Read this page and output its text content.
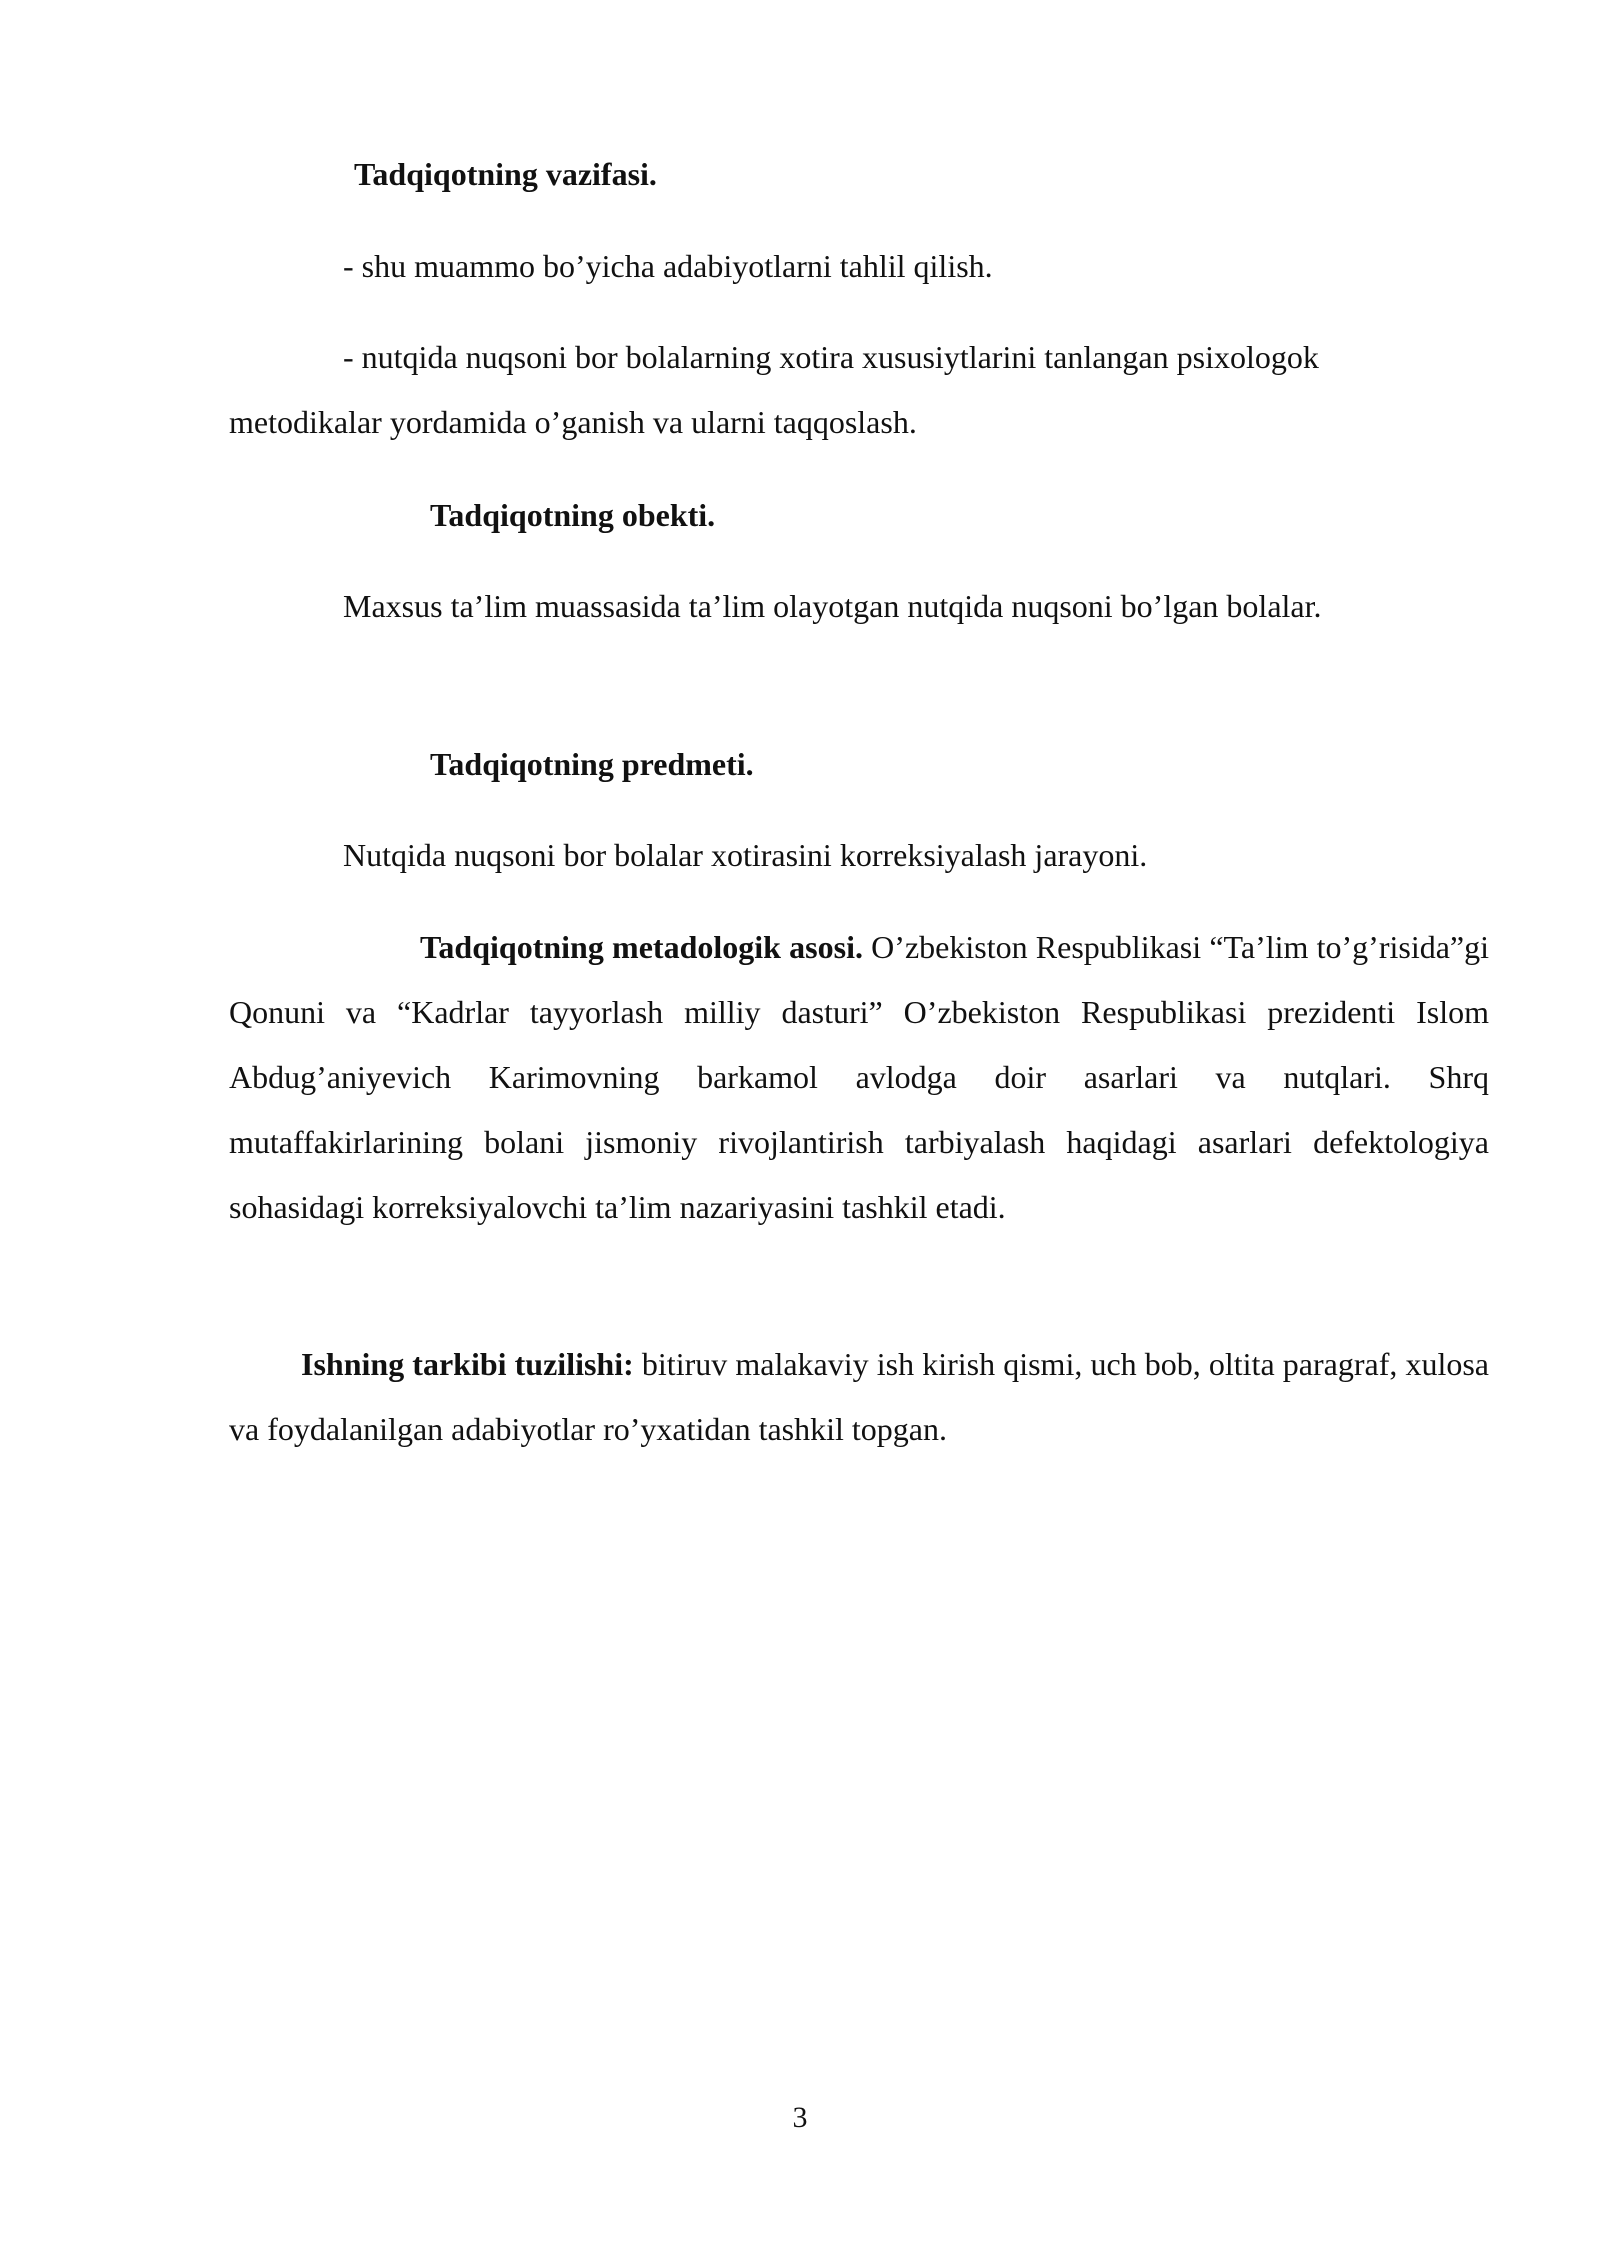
Tadqiqotning vazifasi.

- shu muammo bo’yicha adabiyotlarni tahlil qilish.

- nutqida nuqsoni bor bolalarning xotira xususiytlarini tanlangan psixologok metodikalar yordamida o’ganish va ularni taqqoslash.

Tadqiqotning obekti.

Maxsus ta’lim muassasida ta’lim olayotgan nutqida nuqsoni bo’lgan bolalar.

Tadqiqotning predmeti.

Nutqida nuqsoni bor bolalar xotirasini korreksiyalash jarayoni.

Tadqiqotning metadologik asosi. O’zbekiston Respublikasi “Ta’lim to’g’risida”gi Qonuni va “Kadrlar tayyorlash milliy dasturi” O’zbekiston Respublikasi prezidenti Islom Abdug’aniyevich Karimovning barkamol avlodga doir asarlari va nutqlari. Shrq mutaffakirlarining bolani jismoniy rivojlantirish tarbiyalash haqidagi asarlari defektologiya sohasidagi korreksiyalovchi ta’lim nazariyasini tashkil etadi.

Ishning tarkibi tuzilishi: bitiruv malakaviy ish kirish qismi, uch bob, oltita paragraf, xulosa va foydalanilgan adabiyotlar ro’yxatidan tashkil topgan.

3
